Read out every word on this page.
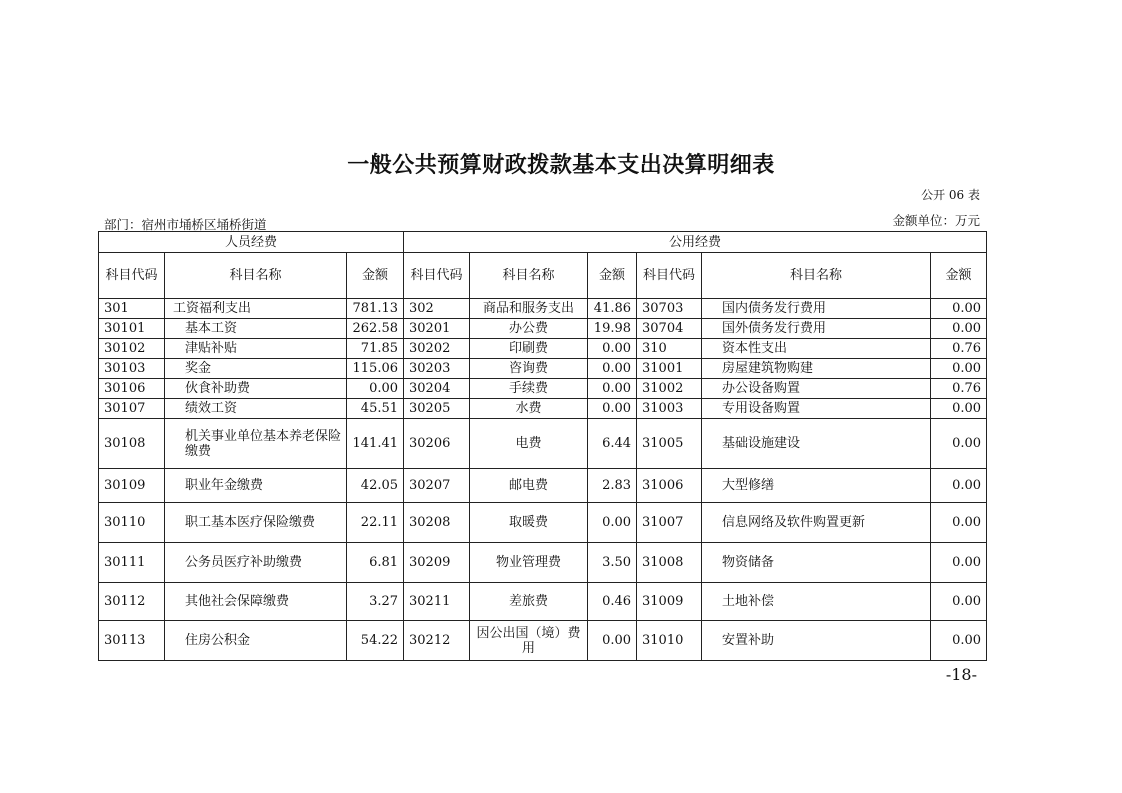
一般公共预算财政拨款基本支出决算明细表
公开 06 表
部门：宿州市埇桥区埇桥街道	金额单位：万元
人员经费			公用经费					
科目代码	科目名称	金额	科目代码	科目名称	金额	科目代码	科目名称	金额
301	工资福利支出	781.13	302	商品和服务支出	41.86	30703	国内债务发行费用	0.00
30101	基本工资	262.58	30201	办公费	19.98	30704	国外债务发行费用	0.00
30102	津贴补贴	71.85	30202	印刷费	0.00	310	资本性支出	0.76
30103	奖金	115.06	30203	咨询费	0.00	31001	房屋建筑物购建	0.00
30106	伙食补助费	0.00	30204	手续费	0.00	31002	办公设备购置	0.76
30107	绩效工资	45.51	30205	水费	0.00	31003	专用设备购置	0.00
30108	机关事业单位基本养老保险缴费	141.41	30206	电费	6.44	31005	基础设施建设	0.00
30109	职业年金缴费	42.05	30207	邮电费	2.83	31006	大型修缮	0.00
30110	职工基本医疗保险缴费	22.11	30208	取暖费	0.00	31007	信息网络及软件购置更新	0.00
30111	公务员医疗补助缴费	6.81	30209	物业管理费	3.50	31008	物资储备	0.00
30112	其他社会保障缴费	3.27	30211	差旅费	0.46	31009	土地补偿	0.00
30113	住房公积金	54.22	30212	因公出国（境）费用	0.00	31010	安置补助	0.00
-18-
